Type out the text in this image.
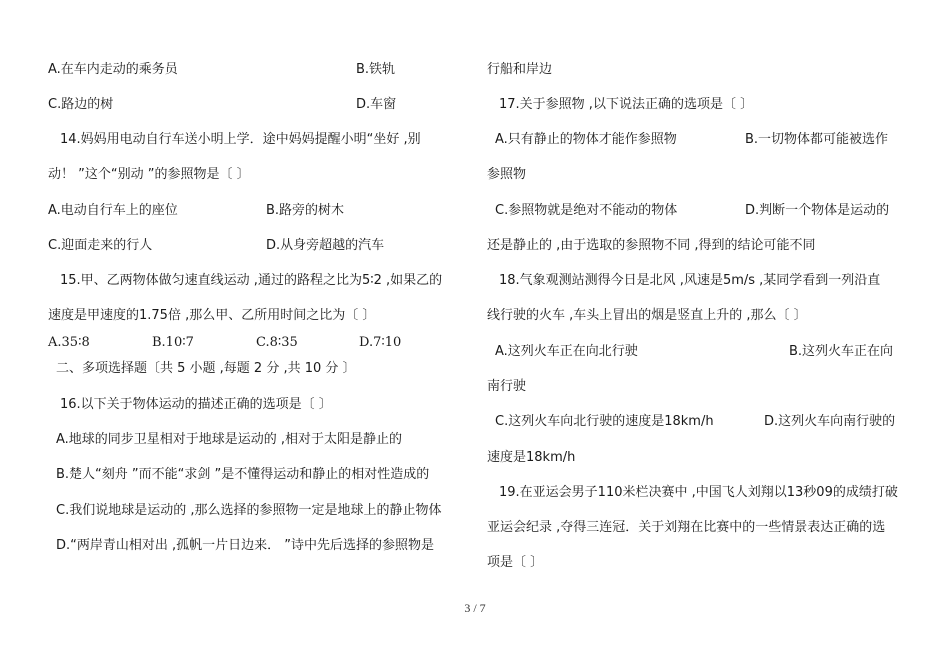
A.在车内走动的乘务员	B.铁轨
C.路边的树	D.车窗
14.妈妈用电动自行车送小明上学．途中妈妈提醒小明“坐好 ,别
动！ ”这个“别动 ”的参照物是〔 〕
A.电动自行车上的座位	B.路旁的树木
C.迎面走来的行人	D.从身旁超越的汽车
15.甲、乙两物体做匀速直线运动 ,通过的路程之比为5∶2 ,如果乙的
速度是甲速度的1.75倍 ,那么甲、乙所用时间之比为〔 〕
A.35∶8	B.10∶7	C.8∶35	D.7∶10
二、多项选择题〔共 5 小题 ,每题 2 分 ,共 10 分 〕
16.以下关于物体运动的描述正确的选项是〔 〕
A.地球的同步卫星相对于地球是运动的 ,相对于太阳是静止的
B.楚人“刻舟 ”而不能“求剑 ”是不懂得运动和静止的相对性造成的
C.我们说地球是运动的 ,那么选择的参照物一定是地球上的静止物体
D.“两岸青山相对出 ,孤帆一片日边来． ”诗中先后选择的参照物是
行船和岸边
17.关于参照物 ,以下说法正确的选项是〔 〕
A.只有静止的物体才能作参照物	B.一切物体都可能被选作
参照物
C.参照物就是绝对不能动的物体	D.判断一个物体是运动的
还是静止的 ,由于选取的参照物不同 ,得到的结论可能不同
18.气象观测站测得今日是北风 ,风速是5m/s ,某同学看到一列沿直
线行驶的火车 ,车头上冒出的烟是竖直上升的 ,那么〔 〕
A.这列火车正在向北行驶	B.这列火车正在向
南行驶
C.这列火车向北行驶的速度是18km/h	D.这列火车向南行驶的
速度是18km/h
19.在亚运会男子110米栏决赛中 ,中国飞人刘翔以13秒09的成绩打破
亚运会纪录 ,夺得三连冠．关于刘翔在比赛中的一些情景表达正确的选
项是〔 〕
3 / 7
